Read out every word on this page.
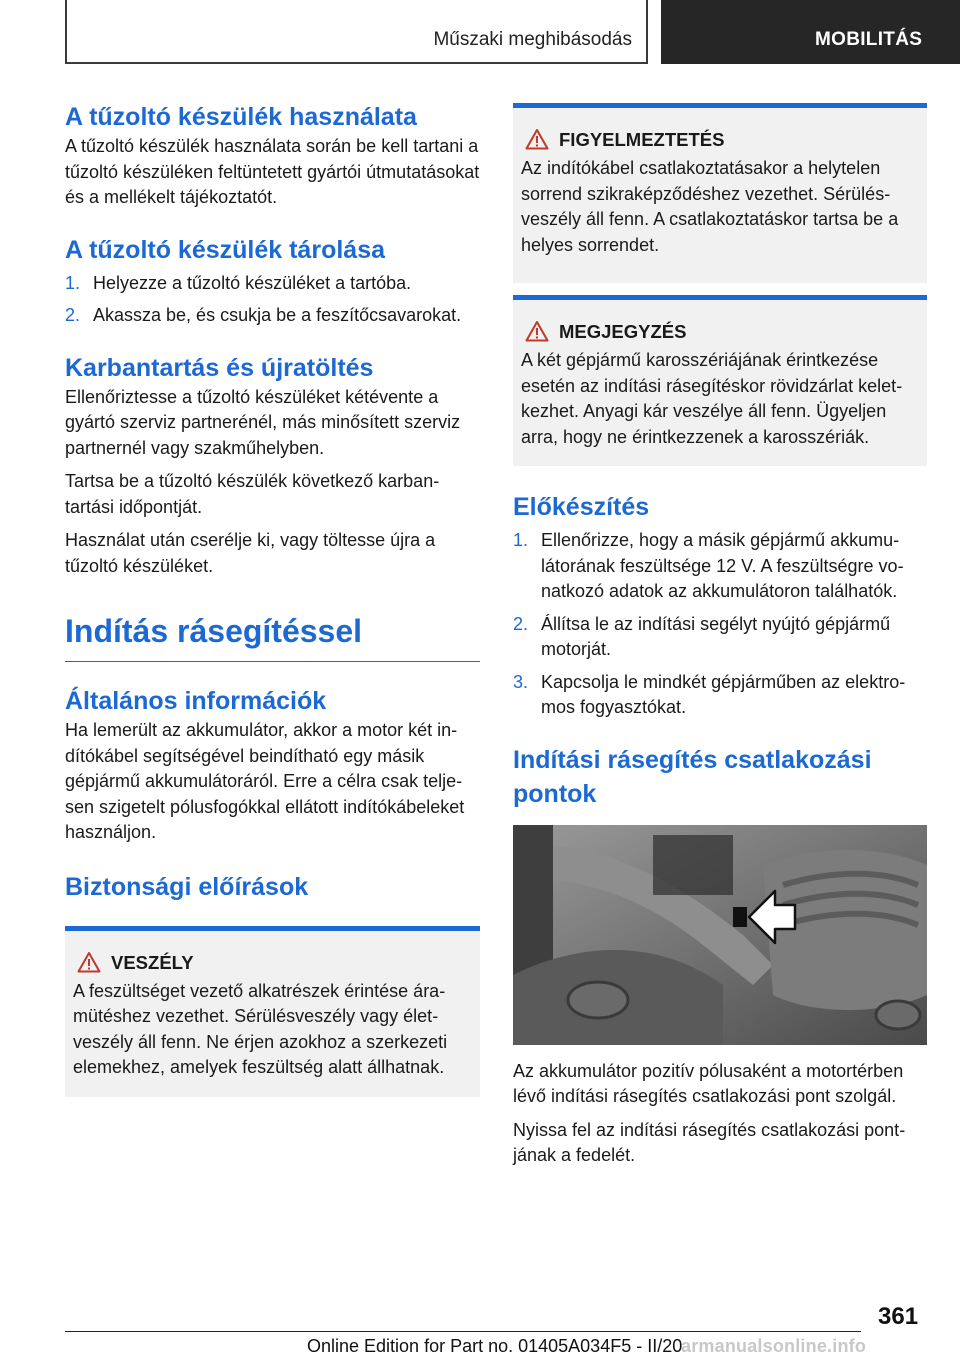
Műszaki meghibásodás	MOBILITÁS
A tűzoltó készülék használata

A tűzoltó készülék használata során be kell tartani a tűzoltó készüléken feltüntetett gyártói útmutatásokat és a mellékelt tájékoztatót.

A tűzoltó készülék tárolása
1. Helyezze a tűzoltó készüléket a tartóba.
2. Akassza be, és csukja be a feszítőcsavarokat.
Karbantartás és újratöltés

Ellenőriztesse a tűzoltó készüléket kétévente a gyártó szerviz partnerénél, más minősített szerviz partnernél vagy szakműhelyben.

Tartsa be a tűzoltó készülék következő karbantartási időpontját.

Használat után cserélje ki, vagy töltesse újra a tűzoltó készüléket.

Indítás rásegítéssel
Általános információk

Ha lemerült az akkumulátor, akkor a motor két indítókábel segítségével beindítható egy másik gépjármű akkumulátoráról. Erre a célra csak teljesen szigetelt pólusfogókkal ellátott indítókábeleket használjon.

Biztonsági előírások
VESZÉLY

A feszültséget vezető alkatrészek érintése áramütéshez vezethet. Sérülésveszély vagy életveszély áll fenn. Ne érjen azokhoz a szerkezeti elemekhez, amelyek feszültség alatt állhatnak.

FIGYELMEZTETÉS

Az indítókábel csatlakoztatásakor a helytelen sorrend szikraképződéshez vezethet. Sérülésveszély áll fenn. A csatlakoztatáskor tartsa be a helyes sorrendet.

MEGJEGYZÉS

A két gépjármű karosszériájának érintkezése esetén az indítási rásegítéskor rövidzárlat keletkezhet. Anyagi kár veszélye áll fenn. Ügyeljen arra, hogy ne érintkezzenek a karosszériák.

Előkészítés
1. Ellenőrizze, hogy a másik gépjármű akkumulátorának feszültsége 12 V. A feszültségre vonatkozó adatok az akkumulátoron találhatók.
2. Állítsa le az indítási segélyt nyújtó gépjármű motorját.
3. Kapcsolja le mindkét gépjárműben az elektromos fogyasztókat.
Indítási rásegítés csatlakozási pontok

Az akkumulátor pozitív pólusaként a motortérben lévő indítási rásegítés csatlakozási pont szolgál.

Nyissa fel az indítási rásegítés csatlakozási pontjának a fedelét.

361
Online Edition for Part no. 01405A034F5 - II/20
armanualsonline.info
